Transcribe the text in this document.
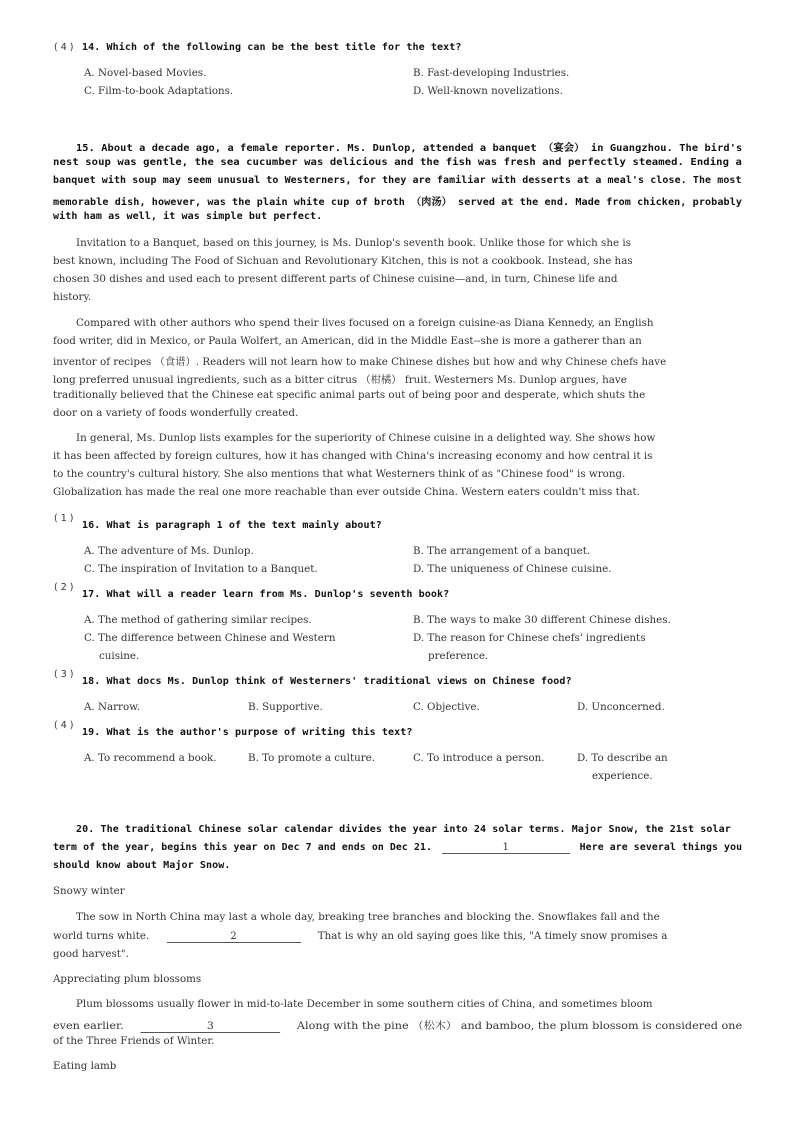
( 4 ) 14. Which of the following can be the best title for the text?
A. Novel-based Movies.	B. Fast-developing Industries.
C. Film-to-book Adaptations.	D. Well-known novelizations.
15. About a decade ago, a female reporter. Ms. Dunlop, attended a banquet （宴会） in Guangzhou. The bird's
nest soup was gentle, the sea cucumber was delicious and the fish was fresh and perfectly steamed. Ending a
banquet with soup may seem unusual to Westerners, for they are familiar with desserts at a meal's close. The most
memorable dish, however, was the plain white cup of broth （肉汤） served at the end. Made from chicken, probably
with ham as well, it was simple but perfect.
Invitation to a Banquet, based on this journey, is Ms. Dunlop's seventh book. Unlike those for which she is
best known, including The Food of Sichuan and Revolutionary Kitchen, this is not a cookbook. Instead, she has
chosen 30 dishes and used each to present different parts of Chinese cuisine—and, in turn, Chinese life and
history.
Compared with other authors who spend their lives focused on a foreign cuisine-as Diana Kennedy, an English
food writer, did in Mexico, or Paula Wolfert, an American, did in the Middle East--she is more a gatherer than an
inventor of recipes （食谱）. Readers will not learn how to make Chinese dishes but how and why Chinese chefs have
long preferred unusual ingredients, such as a bitter citrus （柑橘） fruit. Westerners Ms. Dunlop argues, have
traditionally believed that the Chinese eat specific animal parts out of being poor and desperate, which shuts the
door on a variety of foods wonderfully created.
In general, Ms. Dunlop lists examples for the superiority of Chinese cuisine in a delighted way. She shows how
it has been affected by foreign cultures, how it has changed with China's increasing economy and how central it is
to the country's cultural history. She also mentions that what Westerners think of as "Chinese food" is wrong.
Globalization has made the real one more reachable than ever outside China. Western eaters couldn't miss that.
( 1 )
16. What is paragraph 1 of the text mainly about?
A. The adventure of Ms. Dunlop.	B. The arrangement of a banquet.
C. The inspiration of Invitation to a Banquet.	D. The uniqueness of Chinese cuisine.
( 2 )
17. What will a reader learn from Ms. Dunlop's seventh book?
A. The method of gathering similar recipes.	B. The ways to make 30 different Chinese dishes.
C. The difference between Chinese and Western
cuisine.
D. The reason for Chinese chefs' ingredients
preference.
( 3 )
18. What docs Ms. Dunlop think of Westerners' traditional views on Chinese food?
A. Narrow.	B. Supportive.	C. Objective.	D. Unconcerned.
( 4 )
19. What is the author's purpose of writing this text?
A. To recommend a book.	B. To promote a culture.	C. To introduce a person.	D. To describe an
experience.
20. The traditional Chinese solar calendar divides the year into 24 solar terms. Major Snow, the 21st solar
term of the year, begins this year on Dec 7 and ends on Dec 21.	1	Here are several things you
should know about Major Snow.
Snowy winter
The sow in North China may last a whole day, breaking tree branches and blocking the. Snowflakes fall and the
world turns white.	2	That is why an old saying goes like this, "A timely snow promises a
good harvest".
Appreciating plum blossoms
Plum blossoms usually flower in mid-to-late December in some southern cities of China, and sometimes bloom
even earlier.	3	Along with the pine （松木） and bamboo, the plum blossom is considered one
of the Three Friends of Winter.
Eating lamb
